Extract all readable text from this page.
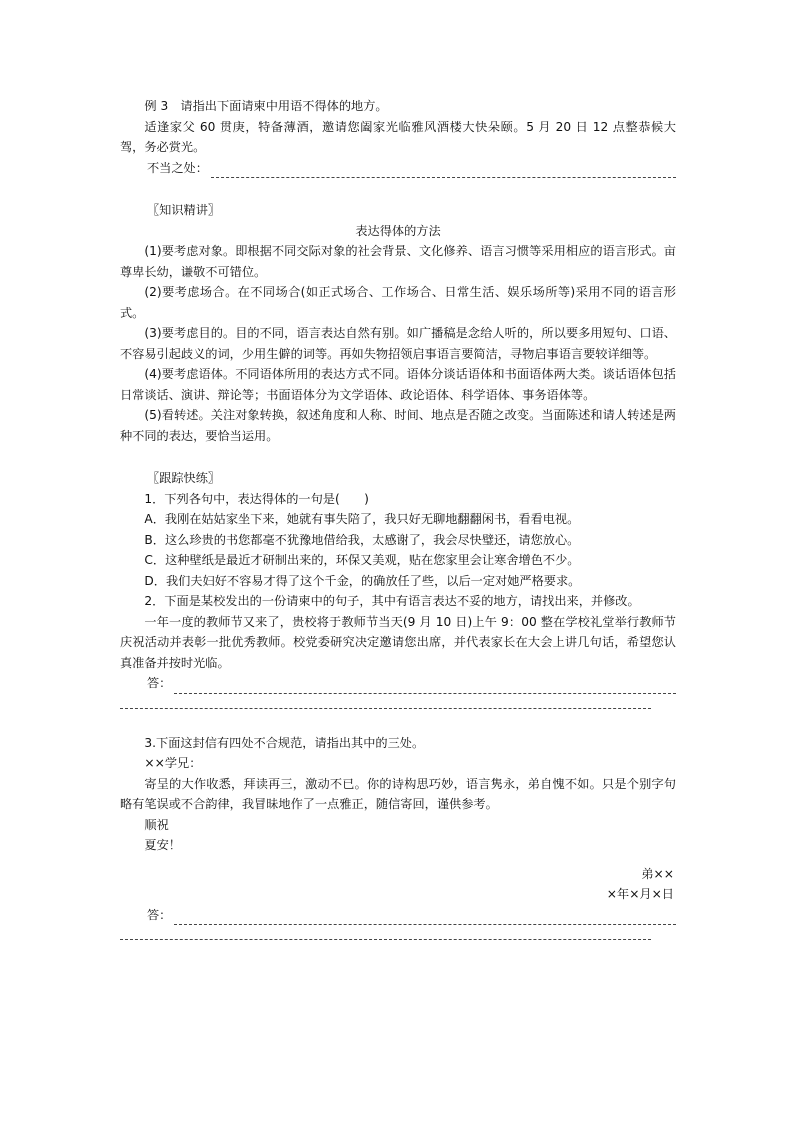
例 3　请指出下面请柬中用语不得体的地方。

适逢家父 60 贯庚，特备薄酒，邀请您阖家光临雅风酒楼大快朵颐。5 月 20 日 12 点整恭候大驾，务必赏光。

不当之处：

〖知识精讲〗

表达得体的方法

(1)要考虑对象。即根据不同交际对象的社会背景、文化修养、语言习惯等采用相应的语言形式。亩尊卑长幼，谦敬不可错位。

(2)要考虑场合。在不同场合(如正式场合、工作场合、日常生活、娱乐场所等)采用不同的语言形式。

(3)要考虑目的。目的不同，语言表达自然有别。如广播稿是念给人听的，所以要多用短句、口语、不容易引起歧义的词，少用生僻的词等。再如失物招领启事语言要简洁，寻物启事语言要较详细等。

(4)要考虑语体。不同语体所用的表达方式不同。语体分谈话语体和书面语体两大类。谈话语体包括日常谈话、演讲、辩论等；书面语体分为文学语体、政论语体、科学语体、事务语体等。

(5)看转述。关注对象转换，叙述角度和人称、时间、地点是否随之改变。当面陈述和请人转述是两种不同的表达，要恰当运用。

〖跟踪快练〗

1．下列各句中，表达得体的一句是(　　)

A．我刚在姑姑家坐下来，她就有事失陪了，我只好无聊地翻翻闲书，看看电视。

B．这么珍贵的书您都毫不犹豫地借给我，太感谢了，我会尽快璧还，请您放心。

C．这种壁纸是最近才研制出来的，环保又美观，贴在您家里会让寒舍增色不少。

D．我们夫妇好不容易才得了这个千金，的确放任了些，以后一定对她严格要求。

2．下面是某校发出的一份请柬中的句子，其中有语言表达不妥的地方，请找出来，并修改。

一年一度的教师节又来了，贵校将于教师节当天(9 月 10 日)上午 9：00 整在学校礼堂举行教师节庆祝活动并表彰一批优秀教师。校党委研究决定邀请您出席，并代表家长在大会上讲几句话，希望您认真准备并按时光临。

答：

3.下面这封信有四处不合规范，请指出其中的三处。

××学兄：

寄呈的大作收悉，拜读再三，激动不已。你的诗构思巧妙，语言隽永，弟自愧不如。只是个别字句略有笔误或不合韵律，我冒昧地作了一点雅正，随信寄回，谨供参考。

顺祝

夏安！

弟××

×年×月×日

答：
